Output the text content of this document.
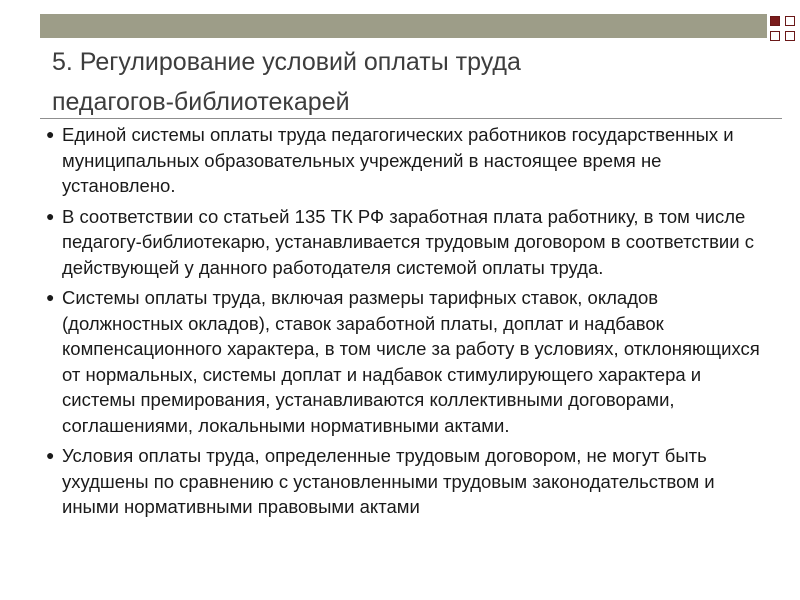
5. Регулирование условий оплаты труда
педагогов-библиотекарей
● Единой системы оплаты труда педагогических работников государственных и муниципальных образовательных учреждений в настоящее время не установлено.
● В соответствии со статьей 135 ТК РФ заработная плата работнику, в том числе педагогу-библиотекарю, устанавливается трудовым договором в соответствии с действующей у данного работодателя системой оплаты труда.
● Системы оплаты труда, включая размеры тарифных ставок, окладов (должностных окладов), ставок заработной платы, доплат и надбавок компенсационного характера, в том числе за работу в условиях, отклоняющихся от нормальных, системы доплат и надбавок стимулирующего характера и системы премирования, устанавливаются коллективными договорами, соглашениями, локальными нормативными актами.
● Условия оплаты труда, определенные трудовым договором, не могут быть ухудшены по сравнению с установленными трудовым законодательством и иными нормативными правовыми актами
